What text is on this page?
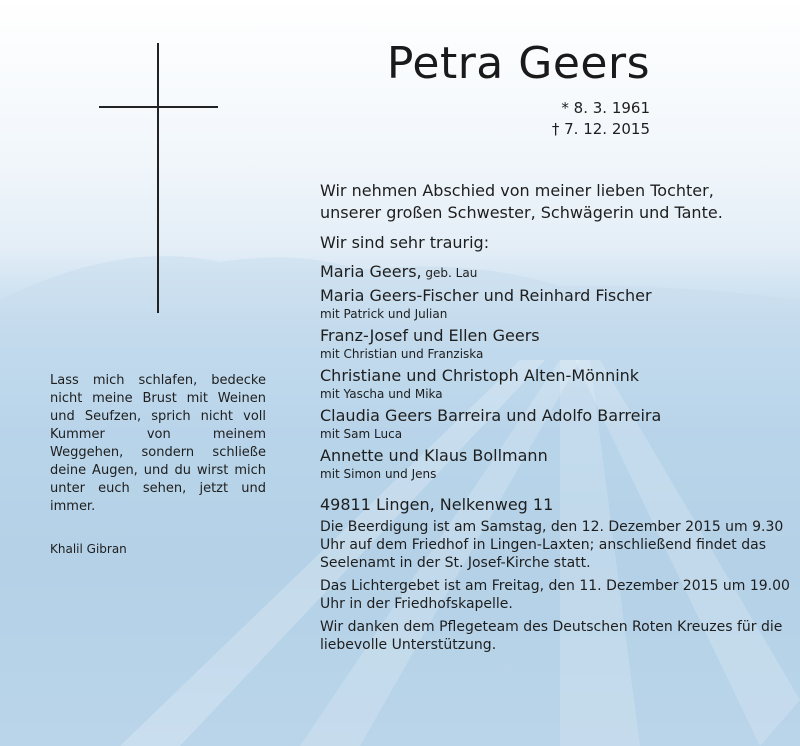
Petra Geers
* 8. 3. 1961
† 7. 12. 2015

Wir nehmen Abschied von meiner lieben Tochter,

unserer großen Schwester, Schwägerin und Tante.

Wir sind sehr traurig:

Maria Geers, geb. Lau
Maria Geers-Fischer und Reinhard Fischer
mit Patrick und Julian
Franz-Josef und Ellen Geers
mit Christian und Franziska
Christiane und Christoph Alten-Mönnink
mit Yascha und Mika
Claudia Geers Barreira und Adolfo Barreira
mit Sam Luca
Annette und Klaus Bollmann
mit Simon und Jens

49811 Lingen, Nelkenweg 11

Die Beerdigung ist am Samstag, den 12. Dezember 2015 um 9.30 Uhr auf dem Friedhof in Lingen-Laxten; anschließend findet das Seelenamt in der St. Josef-Kirche statt.

Das Lichtergebet ist am Freitag, den 11. Dezember 2015 um 19.00 Uhr in der Friedhofskapelle.

Wir danken dem Pflegeteam des Deutschen Roten Kreuzes für die liebevolle Unterstützung.

Lass mich schlafen, bedecke nicht meine Brust mit Weinen und Seufzen, sprich nicht voll Kummer von meinem Weggehen, sondern schließe deine Augen, und du wirst mich unter euch sehen, jetzt und immer.
Khalil Gibran
